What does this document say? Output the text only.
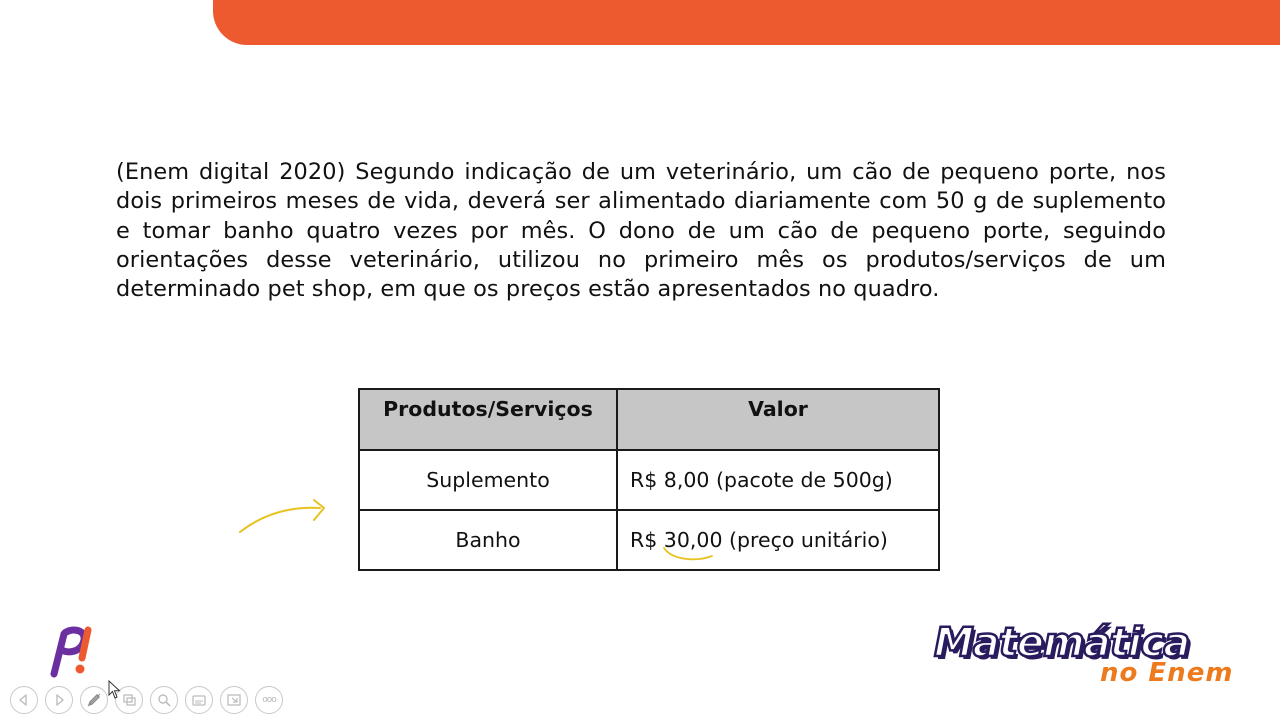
(Enem digital 2020) Segundo indicação de um veterinário, um cão de pequeno porte, nos dois primeiros meses de vida, deverá ser alimentado diariamente com 50 g de suplemento e tomar banho quatro vezes por mês. O dono de um cão de pequeno porte, seguindo orientações desse veterinário, utilizou no primeiro mês os produtos/serviços de um determinado pet shop, em que os preços estão apresentados no quadro.
Produtos/Serviços	Valor
Suplemento	R$ 8,00 (pacote de 500g)
Banho	R$ 30,00 (preço unitário)
Matemática
no Enem
ooo
